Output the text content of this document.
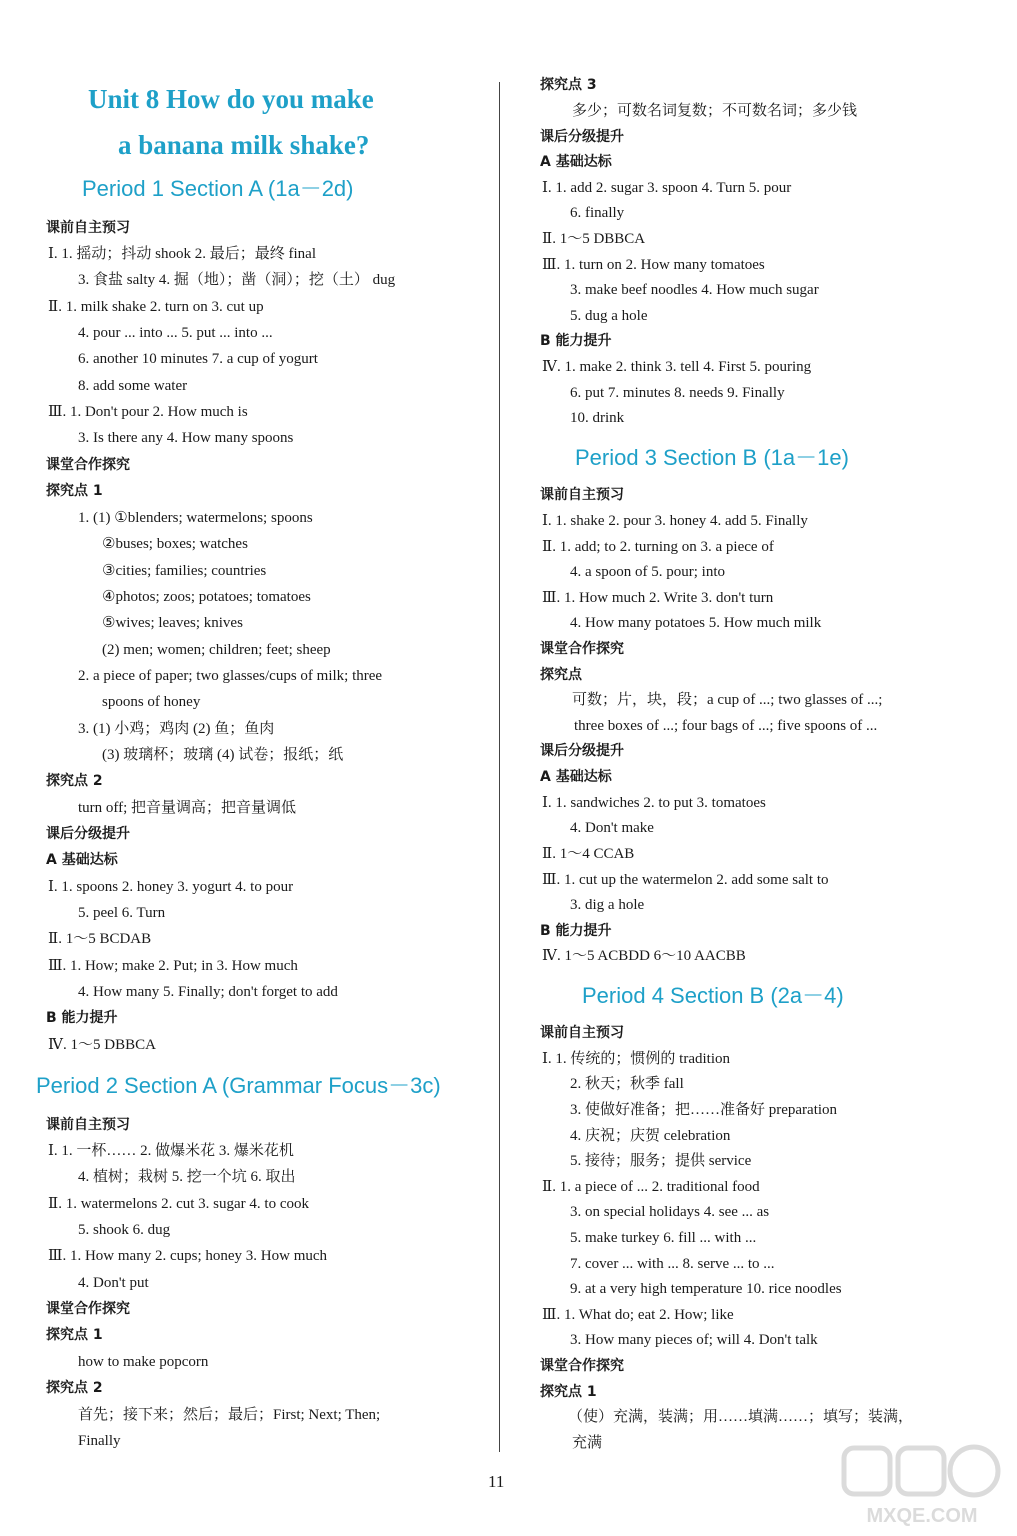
Unit 8 How do you make
a banana milk shake?
Period 1 Section A (1a－2d)
课前自主预习
Ⅰ. 1. 摇动；抖动 shook 2. 最后；最终 final
3. 食盐 salty 4. 掘（地）；凿（洞）；挖（土） dug
Ⅱ. 1. milk shake 2. turn on 3. cut up
4. pour ... into ... 5. put ... into ...
6. another 10 minutes 7. a cup of yogurt
8. add some water
Ⅲ. 1. Don't pour 2. How much is
3. Is there any 4. How many spoons
课堂合作探究
探究点 1
1. (1) ①blenders; watermelons; spoons
②buses; boxes; watches
③cities; families; countries
④photos; zoos; potatoes; tomatoes
⑤wives; leaves; knives
(2) men; women; children; feet; sheep
2. a piece of paper; two glasses/cups of milk; three
spoons of honey
3. (1) 小鸡；鸡肉 (2) 鱼；鱼肉
(3) 玻璃杯；玻璃 (4) 试卷；报纸；纸
探究点 2
turn off; 把音量调高；把音量调低
课后分级提升
A 基础达标
Ⅰ. 1. spoons 2. honey 3. yogurt 4. to pour
5. peel 6. Turn
Ⅱ. 1～5 BCDAB
Ⅲ. 1. How; make 2. Put; in 3. How much
4. How many 5. Finally; don't forget to add
B 能力提升
Ⅳ. 1～5 DBBCA
Period 2 Section A (Grammar Focus－3c)
课前自主预习
Ⅰ. 1. 一杯…… 2. 做爆米花 3. 爆米花机
4. 植树；栽树 5. 挖一个坑 6. 取出
Ⅱ. 1. watermelons 2. cut 3. sugar 4. to cook
5. shook 6. dug
Ⅲ. 1. How many 2. cups; honey 3. How much
4. Don't put
课堂合作探究
探究点 1
how to make popcorn
探究点 2
首先；接下来；然后；最后；First; Next; Then;
Finally
探究点 3
多少；可数名词复数；不可数名词；多少钱
课后分级提升
A 基础达标
Ⅰ. 1. add 2. sugar 3. spoon 4. Turn 5. pour
6. finally
Ⅱ. 1～5 DBBCA
Ⅲ. 1. turn on 2. How many tomatoes
3. make beef noodles 4. How much sugar
5. dug a hole
B 能力提升
Ⅳ. 1. make 2. think 3. tell 4. First 5. pouring
6. put 7. minutes 8. needs 9. Finally
10. drink
Period 3 Section B (1a－1e)
课前自主预习
Ⅰ. 1. shake 2. pour 3. honey 4. add 5. Finally
Ⅱ. 1. add; to 2. turning on 3. a piece of
4. a spoon of 5. pour; into
Ⅲ. 1. How much 2. Write 3. don't turn
4. How many potatoes 5. How much milk
课堂合作探究
探究点
可数；片，块，段；a cup of ...; two glasses of ...;
three boxes of ...; four bags of ...; five spoons of ...
课后分级提升
A 基础达标
Ⅰ. 1. sandwiches 2. to put 3. tomatoes
4. Don't make
Ⅱ. 1～4 CCAB
Ⅲ. 1. cut up the watermelon 2. add some salt to
3. dig a hole
B 能力提升
Ⅳ. 1～5 ACBDD 6～10 AACBB
Period 4 Section B (2a－4)
课前自主预习
Ⅰ. 1. 传统的；惯例的 tradition
2. 秋天；秋季 fall
3. 使做好准备；把……准备好 preparation
4. 庆祝；庆贺 celebration
5. 接待；服务；提供 service
Ⅱ. 1. a piece of ... 2. traditional food
3. on special holidays 4. see ... as
5. make turkey 6. fill ... with ...
7. cover ... with ... 8. serve ... to ...
9. at a very high temperature 10. rice noodles
Ⅲ. 1. What do; eat 2. How; like
3. How many pieces of; will 4. Don't talk
课堂合作探究
探究点 1
（使）充满，装满；用……填满……；填写；装满，
充满
11
MXQE.COM
